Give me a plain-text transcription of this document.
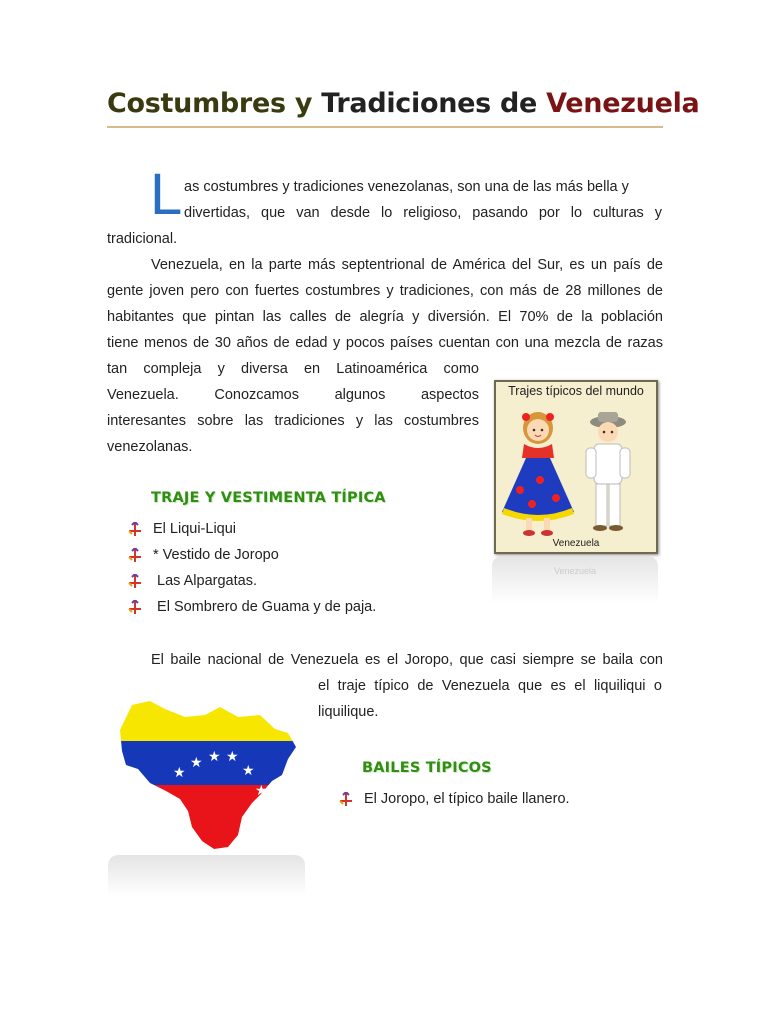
Costumbres y Tradiciones de Venezuela
L as costumbres y tradiciones venezolanas, son una de las más bella y

divertidas, que van desde lo religioso, pasando por lo culturas y

tradicional.

Venezuela, en la parte más septentrional de América del Sur, es un país de

gente joven pero con fuertes costumbres y tradiciones, con más de 28 millones de

habitantes que pintan las calles de alegría y diversión. El 70% de la población

tiene menos de 30 años de edad y pocos países cuentan con una mezcla de razas

tan compleja y diversa en Latinoamérica como

Venezuela. Conozcamos algunos aspectos

interesantes sobre las tradiciones y las costumbres

venezolanas.

Trajes típicos del mundo
Venezuela
Venezuela
TRAJE Y VESTIMENTA TÍPICA
El Liqui-Liqui
* Vestido de Joropo
Las Alpargatas.
El Sombrero de Guama y de paja.

El baile nacional de Venezuela es el Joropo, que casi siempre se baila con

el traje típico de Venezuela que es el liquiliqui o

liquilique.

★
★ ★ ★
★
★
BAILES TÍPICOS
El Joropo, el típico baile llanero.
